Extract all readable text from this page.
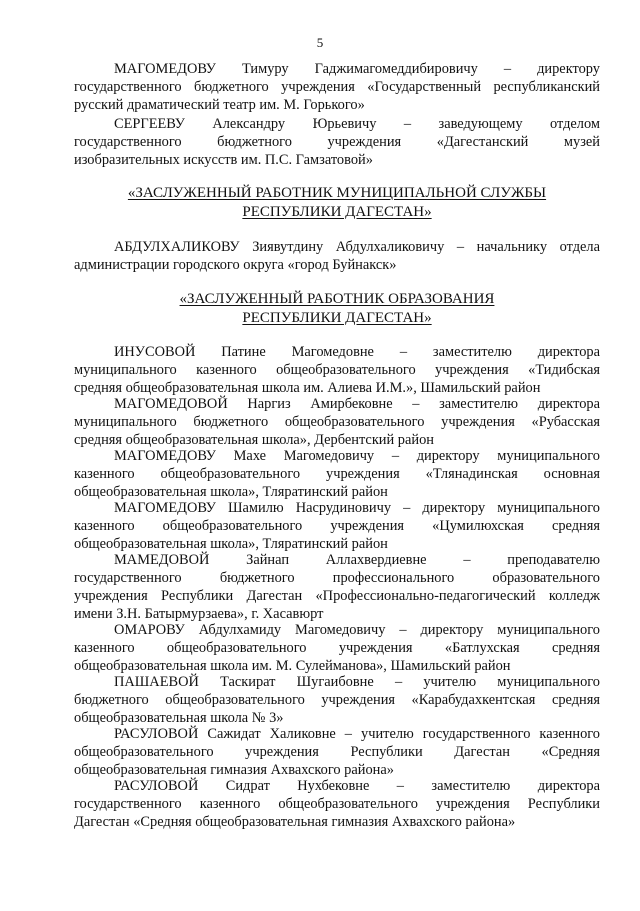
5
МАГОМЕДОВУ Тимуру Гаджимагомеддибировичу – директору
государственного бюджетного учреждения «Государственный республиканский
русский драматический театр им. М. Горького»
СЕРГЕЕВУ Александру Юрьевичу – заведующему отделом
государственного бюджетного учреждения «Дагестанский музей
изобразительных искусств им. П.С. Гамзатовой»
«ЗАСЛУЖЕННЫЙ РАБОТНИК МУНИЦИПАЛЬНОЙ СЛУЖБЫ
РЕСПУБЛИКИ ДАГЕСТАН»
АБДУЛХАЛИКОВУ Зиявутдину Абдулхаликовичу – начальнику отдела
администрации городского округа «город Буйнакск»
«ЗАСЛУЖЕННЫЙ РАБОТНИК ОБРАЗОВАНИЯ
РЕСПУБЛИКИ ДАГЕСТАН»
ИНУСОВОЙ Патине Магомедовне – заместителю директора
муниципального казенного общеобразовательного учреждения «Тидибская
средняя общеобразовательная школа им. Алиева И.М.», Шамильский район
МАГОМЕДОВОЙ Наргиз Амирбековне – заместителю директора
муниципального бюджетного общеобразовательного учреждения «Рубасская
средняя общеобразовательная школа», Дербентский район
МАГОМЕДОВУ Махе Магомедовичу – директору муниципального
казенного общеобразовательного учреждения «Тлянадинская основная
общеобразовательная школа», Тляратинский район
МАГОМЕДОВУ Шамилю Насрудиновичу – директору муниципального
казенного общеобразовательного учреждения «Цумилюхская средняя
общеобразовательная школа», Тляратинский район
МАМЕДОВОЙ Зайнап Аллахвердиевне – преподавателю
государственного бюджетного профессионального образовательного
учреждения Республики Дагестан «Профессионально-педагогический колледж
имени З.Н. Батырмурзаева», г. Хасавюрт
ОМАРОВУ Абдулхамиду Магомедовичу – директору муниципального
казенного общеобразовательного учреждения «Батлухская средняя
общеобразовательная школа им. М. Сулейманова», Шамильский район
ПАШАЕВОЙ Таскират Шугаибовне – учителю муниципального
бюджетного общеобразовательного учреждения «Карабудахкентская средняя
общеобразовательная школа № 3»
РАСУЛОВОЙ Сажидат Халиковне – учителю государственного казенного
общеобразовательного учреждения Республики Дагестан «Средняя
общеобразовательная гимназия Ахвахского района»
РАСУЛОВОЙ Сидрат Нухбековне – заместителю директора
государственного казенного общеобразовательного учреждения Республики
Дагестан «Средняя общеобразовательная гимназия Ахвахского района»
